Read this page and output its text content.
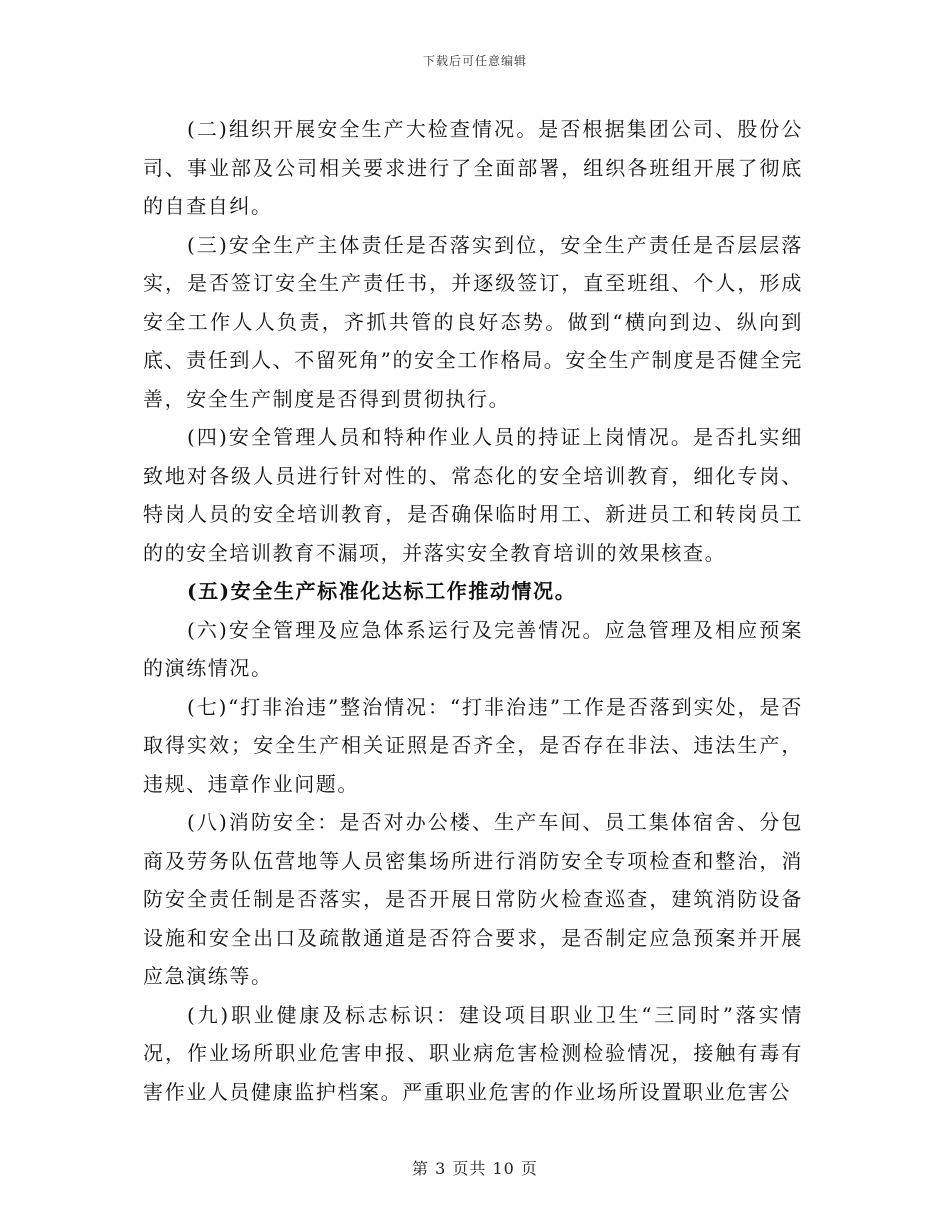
下载后可任意编辑

(二)组织开展安全生产大检查情况。是否根据集团公司、股份公司、事业部及公司相关要求进行了全面部署，组织各班组开展了彻底的自查自纠。

(三)安全生产主体责任是否落实到位，安全生产责任是否层层落实，是否签订安全生产责任书，并逐级签订，直至班组、个人，形成安全工作人人负责，齐抓共管的良好态势。做到“横向到边、纵向到底、责任到人、不留死角”的安全工作格局。安全生产制度是否健全完善，安全生产制度是否得到贯彻执行。

(四)安全管理人员和特种作业人员的持证上岗情况。是否扎实细致地对各级人员进行针对性的、常态化的安全培训教育，细化专岗、特岗人员的安全培训教育，是否确保临时用工、新进员工和转岗员工的的安全培训教育不漏项，并落实安全教育培训的效果核查。

(五)安全生产标准化达标工作推动情况。

(六)安全管理及应急体系运行及完善情况。应急管理及相应预案的演练情况。

(七)“打非治违”整治情况：“打非治违”工作是否落到实处，是否取得实效；安全生产相关证照是否齐全，是否存在非法、违法生产，违规、违章作业问题。

(八)消防安全：是否对办公楼、生产车间、员工集体宿舍、分包商及劳务队伍营地等人员密集场所进行消防安全专项检查和整治，消防安全责任制是否落实，是否开展日常防火检查巡查，建筑消防设备设施和安全出口及疏散通道是否符合要求，是否制定应急预案并开展应急演练等。

(九)职业健康及标志标识：建设项目职业卫生“三同时”落实情况，作业场所职业危害申报、职业病危害检测检验情况，接触有毒有害作业人员健康监护档案。严重职业危害的作业场所设置职业危害公

第 3 页共 10 页
